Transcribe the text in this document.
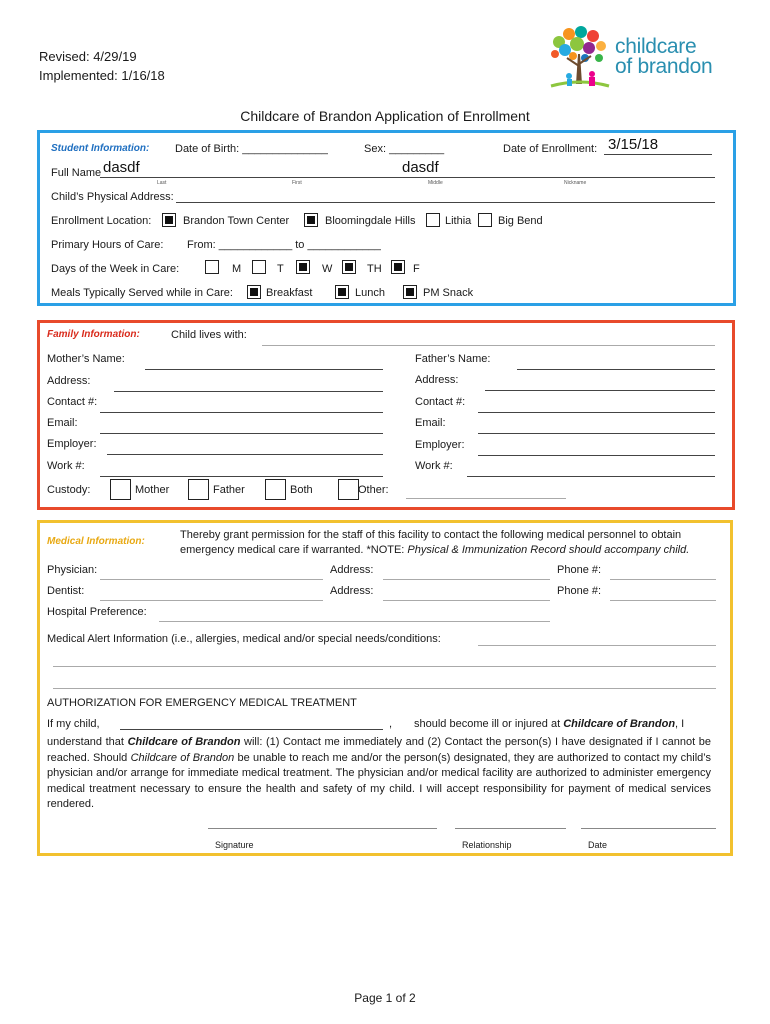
Revised: 4/29/19
Implemented: 1/16/18
childcare
of brandon
Childcare of Brandon Application of Enrollment
Student Information: Date of Birth: ______________	Sex: _________	Date of Enrollment: 3/15/18
Full Name dasdf	dasdf
Last	First	Middle	Nickname
Child’s Physical Address:
Enrollment Location:	Brandon Town Center	Bloomingdale Hills	Lithia Big Bend
Primary Hours of Care: From: ____________ to ____________
Days of the Week in Care:	M	T	W	TH	F
Meals Typically Served while in Care:	Breakfast	Lunch	PM Snack
Family Information:	Child lives with:
Mother’s Name:	Father’s Name:
Address:	Address:
Contact #:	Contact #:
Email:	Email:
Employer:	Employer:
Work #:	Work #:
Custody:	Mother	Father	Both	Other:
Medical Information:
Thereby grant permission for the staff of this facility to contact the following medical personnel to obtain
emergency medical care if warranted. *NOTE: Physical & Immunization Record should accompany child.
Physician:	Address:	Phone #:
Dentist:	Address:	Phone #:
Hospital Preference:
Medical Alert Information (i.e., allergies, medical and/or special needs/conditions:
AUTHORIZATION FOR EMERGENCY MEDICAL TREATMENT
If my child,	, should become ill or injured at Childcare of Brandon, I
understand that Childcare of Brandon will: (1) Contact me immediately and (2) Contact the person(s) I have designated if I cannot be reached. Should Childcare of Brandon be unable to reach me and/or the person(s) designated, they are authorized to contact my child’s physician and/or arrange for immediate medical treatment. The physician and/or medical facility are authorized to administer emergency medical treatment necessary to ensure the health and safety of my child. I will accept responsibility for payment of medical services rendered.
Signature	Relationship	Date
Page 1 of 2
